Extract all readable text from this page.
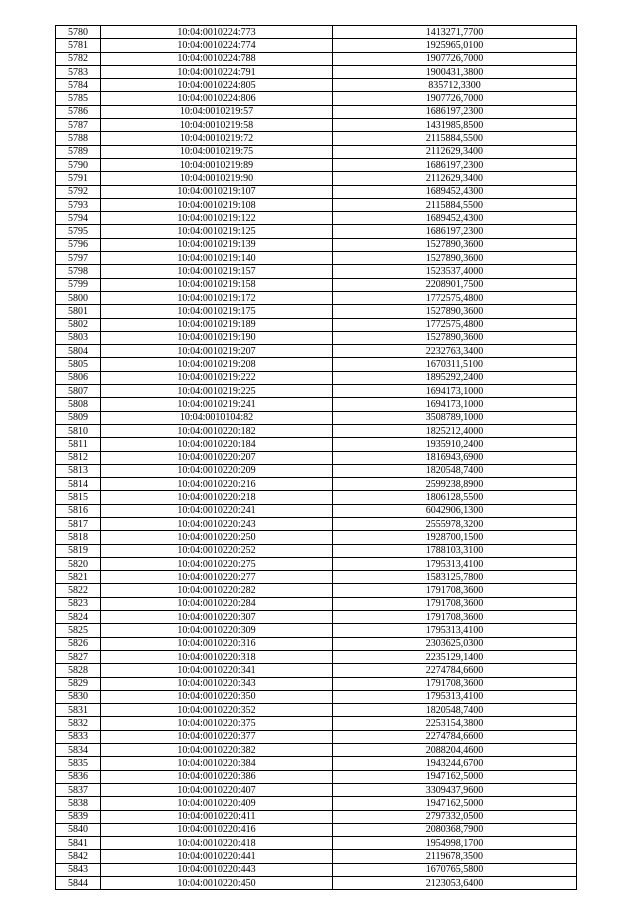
5780	10:04:0010224:773	1413271,7700
5781	10:04:0010224:774	1925965,0100
5782	10:04:0010224:788	1907726,7000
5783	10:04:0010224:791	1900431,3800
5784	10:04:0010224:805	835712,3300
5785	10:04:0010224:806	1907726,7000
5786	10:04:0010219:57	1686197,2300
5787	10:04:0010219:58	1431985,8500
5788	10:04:0010219:72	2115884,5500
5789	10:04:0010219:75	2112629,3400
5790	10:04:0010219:89	1686197,2300
5791	10:04:0010219:90	2112629,3400
5792	10:04:0010219:107	1689452,4300
5793	10:04:0010219:108	2115884,5500
5794	10:04:0010219:122	1689452,4300
5795	10:04:0010219:125	1686197,2300
5796	10:04:0010219:139	1527890,3600
5797	10:04:0010219:140	1527890,3600
5798	10:04:0010219:157	1523537,4000
5799	10:04:0010219:158	2208901,7500
5800	10:04:0010219:172	1772575,4800
5801	10:04:0010219:175	1527890,3600
5802	10:04:0010219:189	1772575,4800
5803	10:04:0010219:190	1527890,3600
5804	10:04:0010219:207	2232763,3400
5805	10:04:0010219:208	1670311,5100
5806	10:04:0010219:222	1895292,2400
5807	10:04:0010219:225	1694173,1000
5808	10:04:0010219:241	1694173,1000
5809	10:04:0010104:82	3508789,1000
5810	10:04:0010220:182	1825212,4000
5811	10:04:0010220:184	1935910,2400
5812	10:04:0010220:207	1816943,6900
5813	10:04:0010220:209	1820548,7400
5814	10:04:0010220:216	2599238,8900
5815	10:04:0010220:218	1806128,5500
5816	10:04:0010220:241	6042906,1300
5817	10:04:0010220:243	2555978,3200
5818	10:04:0010220:250	1928700,1500
5819	10:04:0010220:252	1788103,3100
5820	10:04:0010220:275	1795313,4100
5821	10:04:0010220:277	1583125,7800
5822	10:04:0010220:282	1791708,3600
5823	10:04:0010220:284	1791708,3600
5824	10:04:0010220:307	1791708,3600
5825	10:04:0010220:309	1795313,4100
5826	10:04:0010220:316	2303625,0300
5827	10:04:0010220:318	2235129,1400
5828	10:04:0010220:341	2274784,6600
5829	10:04:0010220:343	1791708,3600
5830	10:04:0010220:350	1795313,4100
5831	10:04:0010220:352	1820548,7400
5832	10:04:0010220:375	2253154,3800
5833	10:04:0010220:377	2274784,6600
5834	10:04:0010220:382	2088204,4600
5835	10:04:0010220:384	1943244,6700
5836	10:04:0010220:386	1947162,5000
5837	10:04:0010220:407	3309437,9600
5838	10:04:0010220:409	1947162,5000
5839	10:04:0010220:411	2797332,0500
5840	10:04:0010220:416	2080368,7900
5841	10:04:0010220:418	1954998,1700
5842	10:04:0010220:441	2119678,3500
5843	10:04:0010220:443	1670765,5800
5844	10:04:0010220:450	2123053,6400
